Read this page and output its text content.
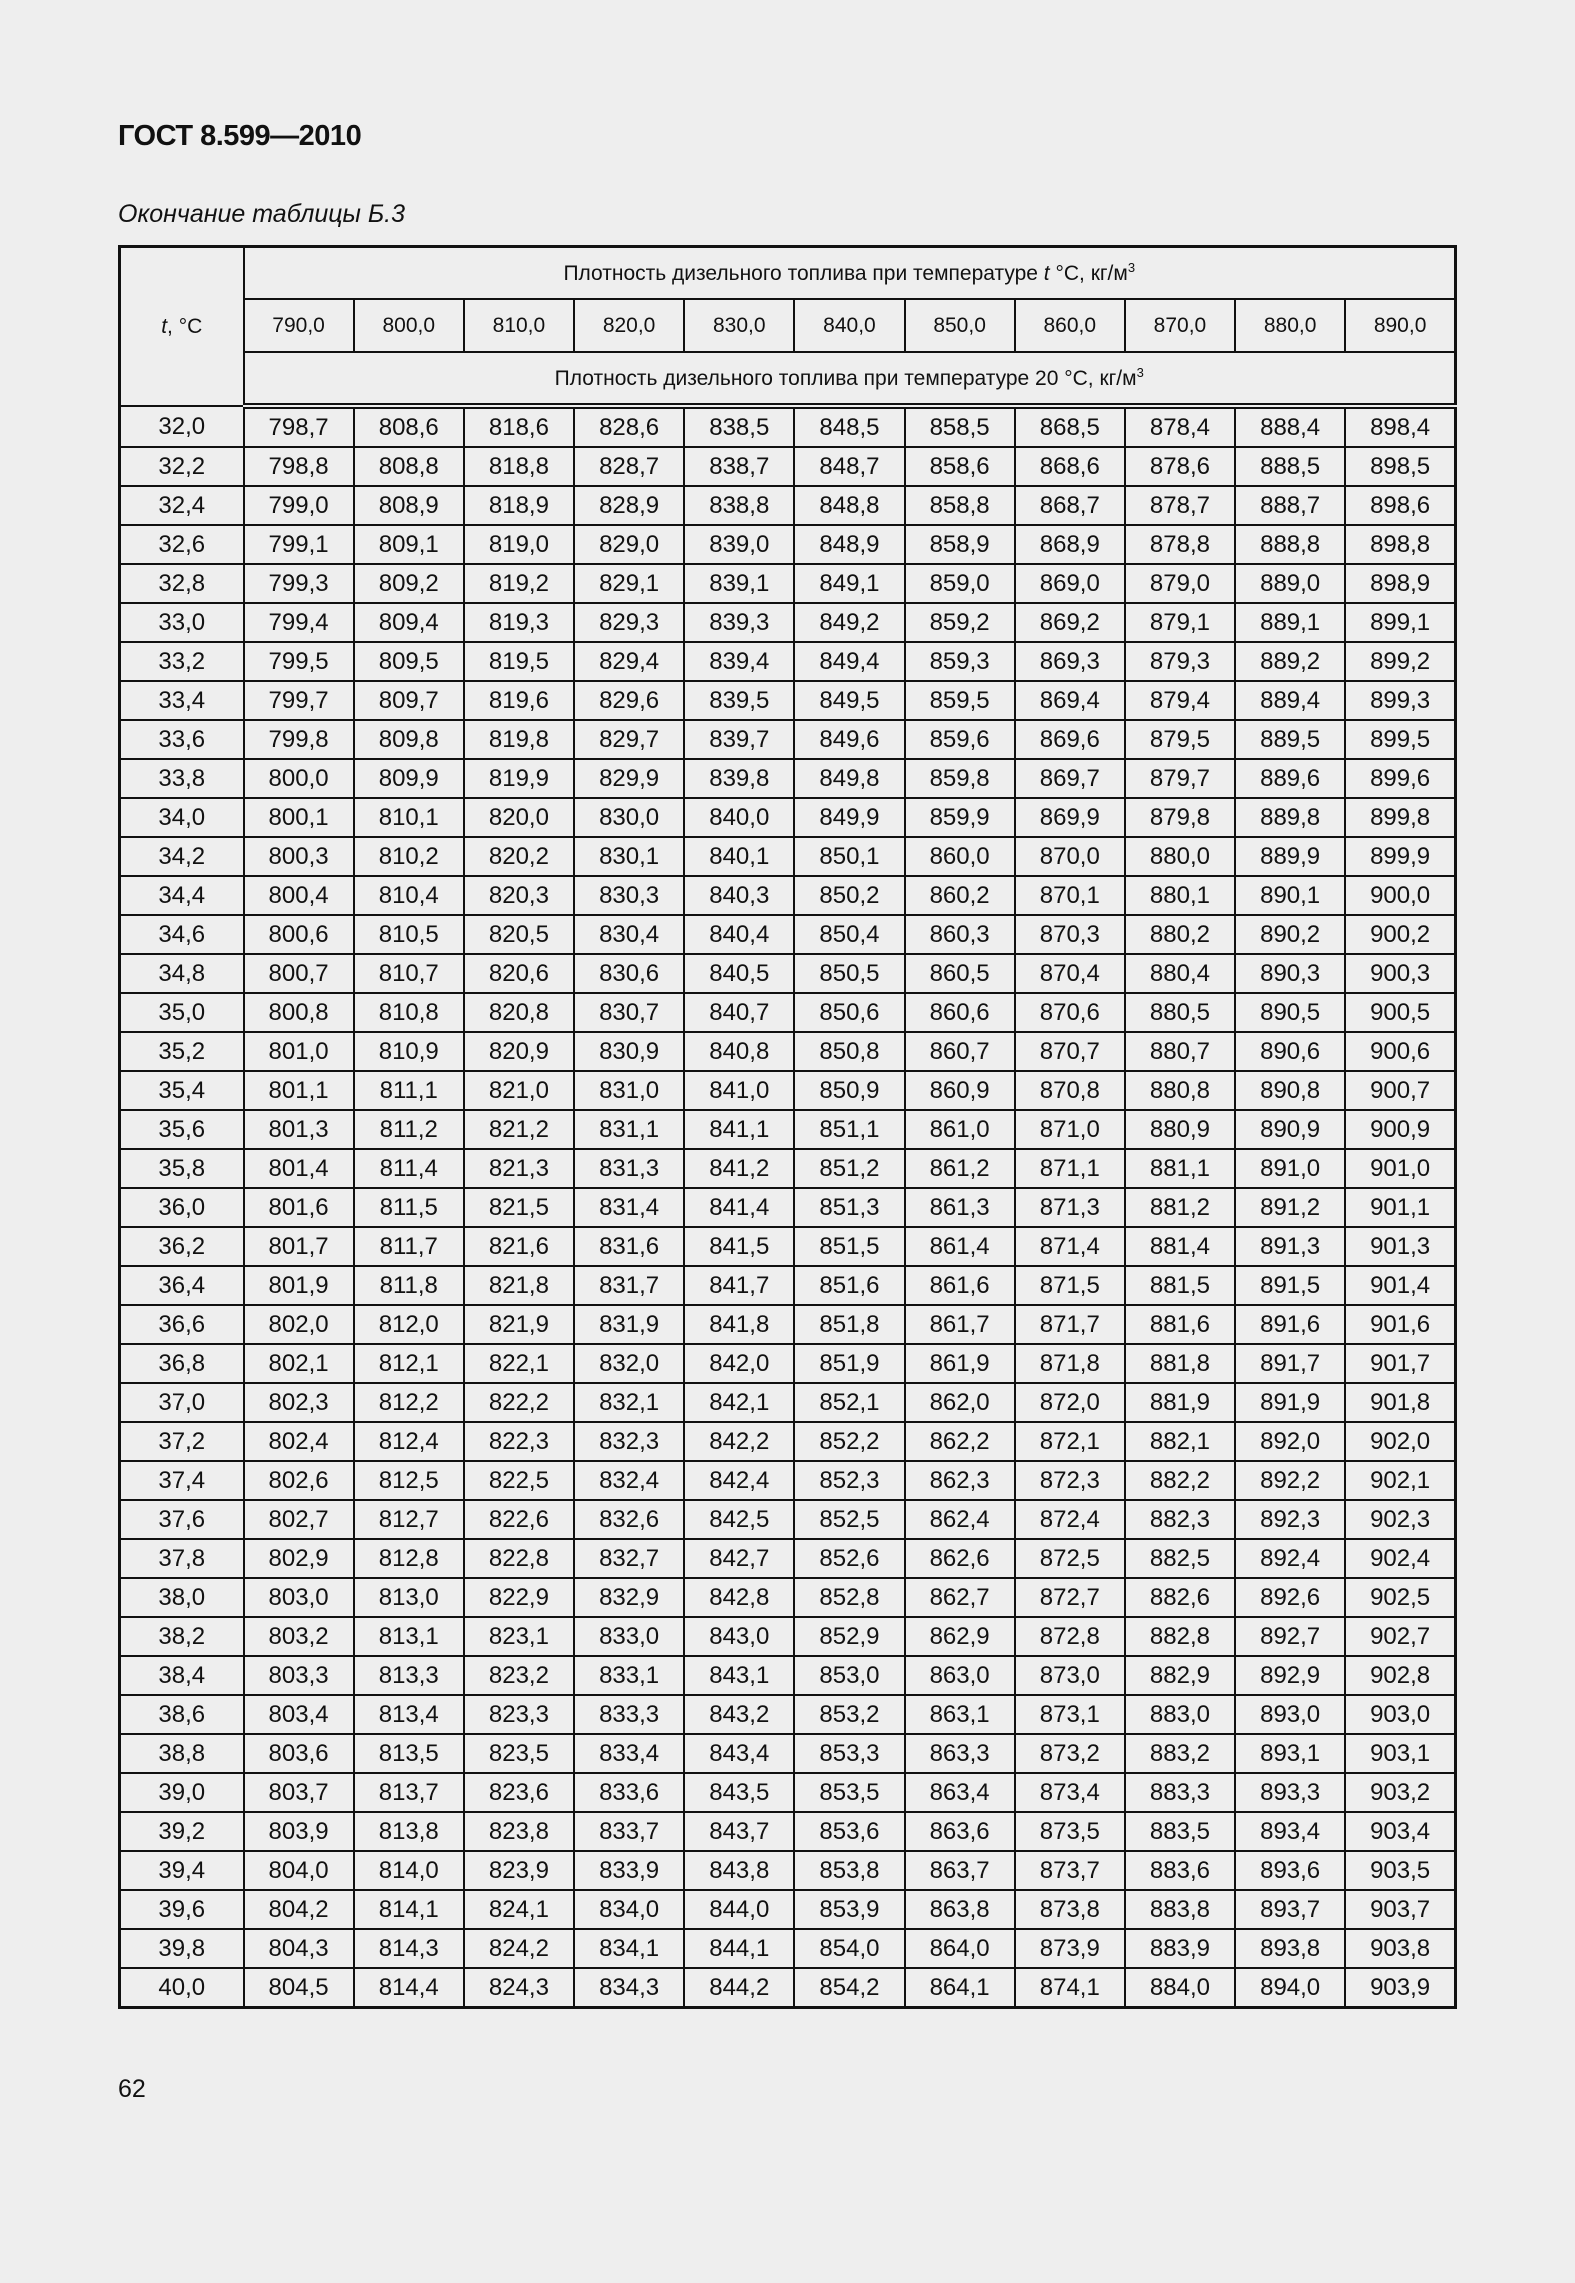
ГОСТ 8.599—2010
Окончание таблицы Б.3
t, °С	Плотность дизельного топлива при температуре t °С, $кг/м^3$
	790,0	800,0	810,0	820,0	830,0	840,0	850,0	860,0	870,0	880,0	890,0
	Плотность дизельного топлива при температуре 20 °С, $кг/м^3$
32,0	798,7	808,6	818,6	828,6	838,5	848,5	858,5	868,5	878,4	888,4	898,4
32,2	798,8	808,8	818,8	828,7	838,7	848,7	858,6	868,6	878,6	888,5	898,5
32,4	799,0	808,9	818,9	828,9	838,8	848,8	858,8	868,7	878,7	888,7	898,6
32,6	799,1	809,1	819,0	829,0	839,0	848,9	858,9	868,9	878,8	888,8	898,8
32,8	799,3	809,2	819,2	829,1	839,1	849,1	859,0	869,0	879,0	889,0	898,9
33,0	799,4	809,4	819,3	829,3	839,3	849,2	859,2	869,2	879,1	889,1	899,1
33,2	799,5	809,5	819,5	829,4	839,4	849,4	859,3	869,3	879,3	889,2	899,2
33,4	799,7	809,7	819,6	829,6	839,5	849,5	859,5	869,4	879,4	889,4	899,3
33,6	799,8	809,8	819,8	829,7	839,7	849,6	859,6	869,6	879,5	889,5	899,5
33,8	800,0	809,9	819,9	829,9	839,8	849,8	859,8	869,7	879,7	889,6	899,6
34,0	800,1	810,1	820,0	830,0	840,0	849,9	859,9	869,9	879,8	889,8	899,8
34,2	800,3	810,2	820,2	830,1	840,1	850,1	860,0	870,0	880,0	889,9	899,9
34,4	800,4	810,4	820,3	830,3	840,3	850,2	860,2	870,1	880,1	890,1	900,0
34,6	800,6	810,5	820,5	830,4	840,4	850,4	860,3	870,3	880,2	890,2	900,2
34,8	800,7	810,7	820,6	830,6	840,5	850,5	860,5	870,4	880,4	890,3	900,3
35,0	800,8	810,8	820,8	830,7	840,7	850,6	860,6	870,6	880,5	890,5	900,5
35,2	801,0	810,9	820,9	830,9	840,8	850,8	860,7	870,7	880,7	890,6	900,6
35,4	801,1	811,1	821,0	831,0	841,0	850,9	860,9	870,8	880,8	890,8	900,7
35,6	801,3	811,2	821,2	831,1	841,1	851,1	861,0	871,0	880,9	890,9	900,9
35,8	801,4	811,4	821,3	831,3	841,2	851,2	861,2	871,1	881,1	891,0	901,0
36,0	801,6	811,5	821,5	831,4	841,4	851,3	861,3	871,3	881,2	891,2	901,1
36,2	801,7	811,7	821,6	831,6	841,5	851,5	861,4	871,4	881,4	891,3	901,3
36,4	801,9	811,8	821,8	831,7	841,7	851,6	861,6	871,5	881,5	891,5	901,4
36,6	802,0	812,0	821,9	831,9	841,8	851,8	861,7	871,7	881,6	891,6	901,6
36,8	802,1	812,1	822,1	832,0	842,0	851,9	861,9	871,8	881,8	891,7	901,7
37,0	802,3	812,2	822,2	832,1	842,1	852,1	862,0	872,0	881,9	891,9	901,8
37,2	802,4	812,4	822,3	832,3	842,2	852,2	862,2	872,1	882,1	892,0	902,0
37,4	802,6	812,5	822,5	832,4	842,4	852,3	862,3	872,3	882,2	892,2	902,1
37,6	802,7	812,7	822,6	832,6	842,5	852,5	862,4	872,4	882,3	892,3	902,3
37,8	802,9	812,8	822,8	832,7	842,7	852,6	862,6	872,5	882,5	892,4	902,4
38,0	803,0	813,0	822,9	832,9	842,8	852,8	862,7	872,7	882,6	892,6	902,5
38,2	803,2	813,1	823,1	833,0	843,0	852,9	862,9	872,8	882,8	892,7	902,7
38,4	803,3	813,3	823,2	833,1	843,1	853,0	863,0	873,0	882,9	892,9	902,8
38,6	803,4	813,4	823,3	833,3	843,2	853,2	863,1	873,1	883,0	893,0	903,0
38,8	803,6	813,5	823,5	833,4	843,4	853,3	863,3	873,2	883,2	893,1	903,1
39,0	803,7	813,7	823,6	833,6	843,5	853,5	863,4	873,4	883,3	893,3	903,2
39,2	803,9	813,8	823,8	833,7	843,7	853,6	863,6	873,5	883,5	893,4	903,4
39,4	804,0	814,0	823,9	833,9	843,8	853,8	863,7	873,7	883,6	893,6	903,5
39,6	804,2	814,1	824,1	834,0	844,0	853,9	863,8	873,8	883,8	893,7	903,7
39,8	804,3	814,3	824,2	834,1	844,1	854,0	864,0	873,9	883,9	893,8	903,8
40,0	804,5	814,4	824,3	834,3	844,2	854,2	864,1	874,1	884,0	894,0	903,9
62
